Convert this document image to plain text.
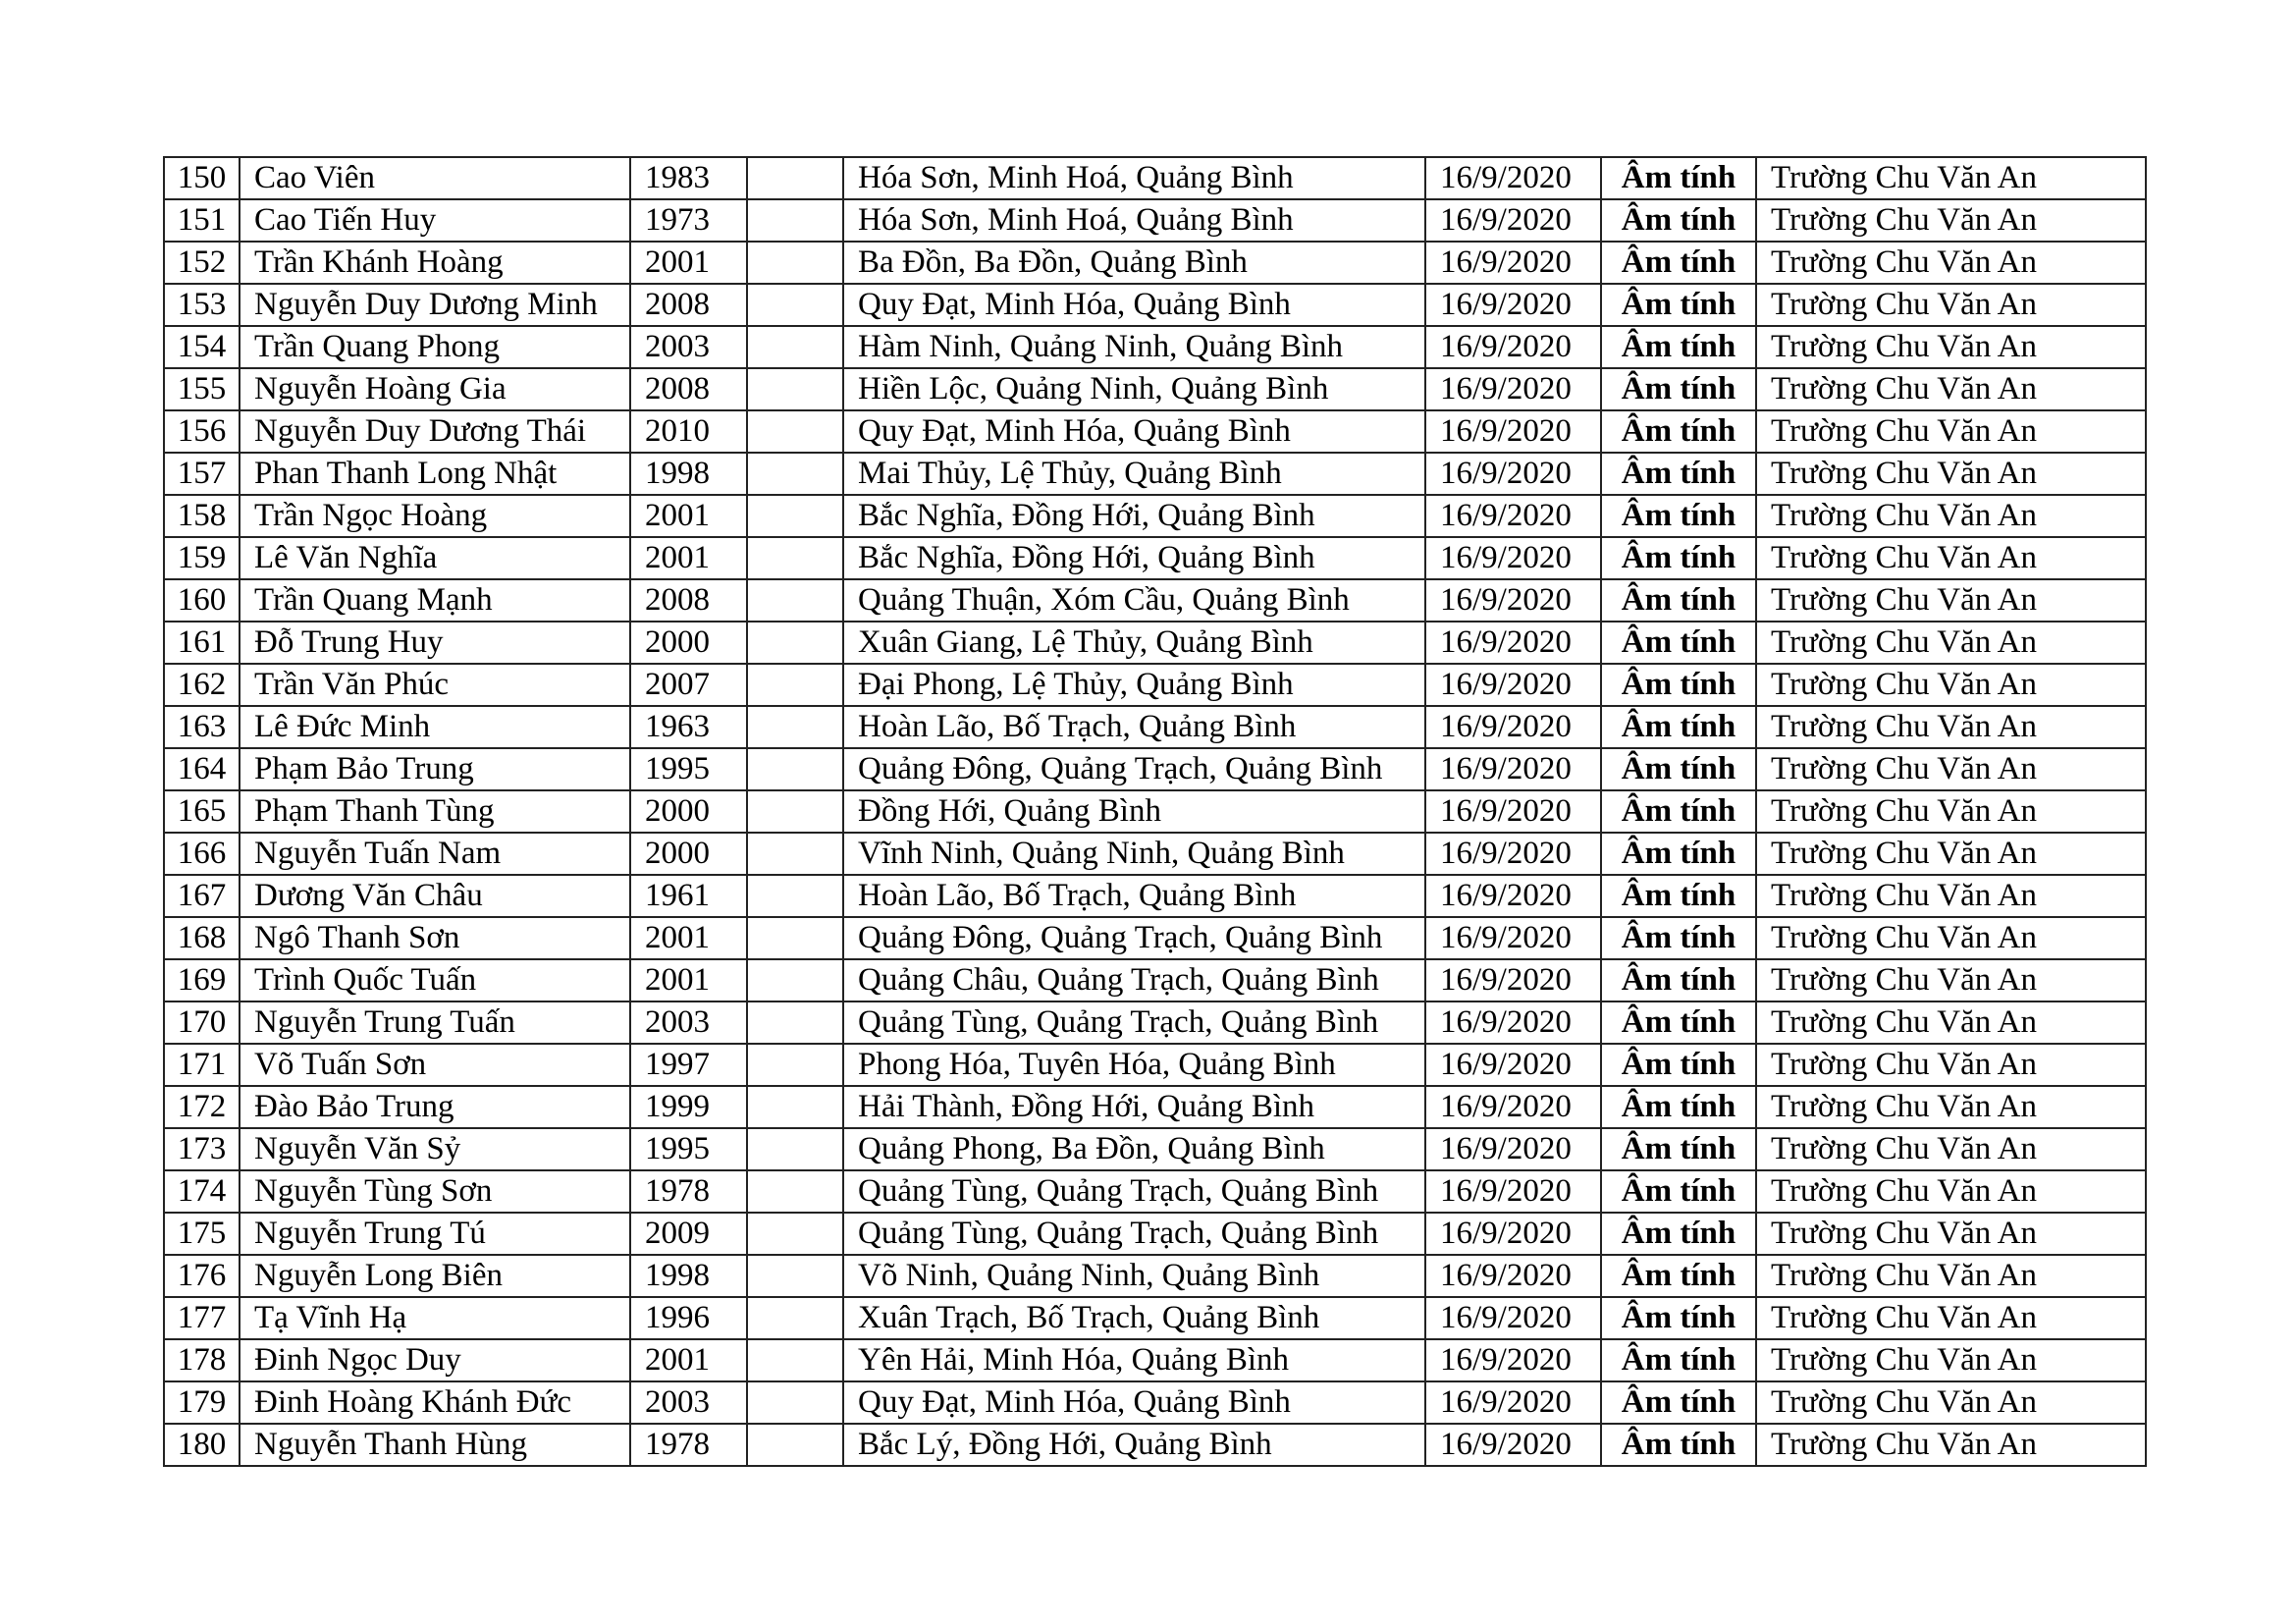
150	Cao Viên	1983		Hóa Sơn, Minh Hoá, Quảng Bình	16/9/2020	Âm tính	Trường Chu Văn An
151	Cao Tiến Huy	1973		Hóa Sơn, Minh Hoá, Quảng Bình	16/9/2020	Âm tính	Trường Chu Văn An
152	Trần Khánh Hoàng	2001		Ba Đồn, Ba Đồn, Quảng Bình	16/9/2020	Âm tính	Trường Chu Văn An
153	Nguyễn Duy Dương Minh	2008		Quy Đạt, Minh Hóa, Quảng Bình	16/9/2020	Âm tính	Trường Chu Văn An
154	Trần Quang Phong	2003		Hàm Ninh, Quảng Ninh, Quảng Bình	16/9/2020	Âm tính	Trường Chu Văn An
155	Nguyễn Hoàng Gia	2008		Hiền Lộc, Quảng Ninh, Quảng Bình	16/9/2020	Âm tính	Trường Chu Văn An
156	Nguyễn Duy Dương Thái	2010		Quy Đạt, Minh Hóa, Quảng Bình	16/9/2020	Âm tính	Trường Chu Văn An
157	Phan Thanh Long Nhật	1998		Mai Thủy, Lệ Thủy, Quảng Bình	16/9/2020	Âm tính	Trường Chu Văn An
158	Trần Ngọc Hoàng	2001		Bắc Nghĩa, Đồng Hới, Quảng Bình	16/9/2020	Âm tính	Trường Chu Văn An
159	Lê Văn Nghĩa	2001		Bắc Nghĩa, Đồng Hới, Quảng Bình	16/9/2020	Âm tính	Trường Chu Văn An
160	Trần Quang Mạnh	2008		Quảng Thuận, Xóm Cầu, Quảng Bình	16/9/2020	Âm tính	Trường Chu Văn An
161	Đỗ Trung Huy	2000		Xuân Giang, Lệ Thủy, Quảng Bình	16/9/2020	Âm tính	Trường Chu Văn An
162	Trần Văn Phúc	2007		Đại Phong, Lệ Thủy, Quảng Bình	16/9/2020	Âm tính	Trường Chu Văn An
163	Lê Đức Minh	1963		Hoàn Lão, Bố Trạch, Quảng Bình	16/9/2020	Âm tính	Trường Chu Văn An
164	Phạm Bảo Trung	1995		Quảng Đông, Quảng Trạch, Quảng Bình	16/9/2020	Âm tính	Trường Chu Văn An
165	Phạm Thanh Tùng	2000		Đồng Hới, Quảng Bình	16/9/2020	Âm tính	Trường Chu Văn An
166	Nguyễn Tuấn Nam	2000		Vĩnh Ninh, Quảng Ninh, Quảng Bình	16/9/2020	Âm tính	Trường Chu Văn An
167	Dương Văn Châu	1961		Hoàn Lão, Bố Trạch, Quảng Bình	16/9/2020	Âm tính	Trường Chu Văn An
168	Ngô Thanh Sơn	2001		Quảng Đông, Quảng Trạch, Quảng Bình	16/9/2020	Âm tính	Trường Chu Văn An
169	Trình Quốc Tuấn	2001		Quảng Châu, Quảng Trạch, Quảng Bình	16/9/2020	Âm tính	Trường Chu Văn An
170	Nguyễn Trung Tuấn	2003		Quảng Tùng, Quảng Trạch, Quảng Bình	16/9/2020	Âm tính	Trường Chu Văn An
171	Võ Tuấn Sơn	1997		Phong Hóa, Tuyên Hóa, Quảng Bình	16/9/2020	Âm tính	Trường Chu Văn An
172	Đào Bảo Trung	1999		Hải Thành, Đồng Hới, Quảng Bình	16/9/2020	Âm tính	Trường Chu Văn An
173	Nguyễn Văn Sỷ	1995		Quảng Phong, Ba Đồn, Quảng Bình	16/9/2020	Âm tính	Trường Chu Văn An
174	Nguyễn Tùng Sơn	1978		Quảng Tùng, Quảng Trạch, Quảng Bình	16/9/2020	Âm tính	Trường Chu Văn An
175	Nguyễn Trung Tú	2009		Quảng Tùng, Quảng Trạch, Quảng Bình	16/9/2020	Âm tính	Trường Chu Văn An
176	Nguyễn Long Biên	1998		Võ Ninh, Quảng Ninh, Quảng Bình	16/9/2020	Âm tính	Trường Chu Văn An
177	Tạ Vĩnh Hạ	1996		Xuân Trạch, Bố Trạch, Quảng Bình	16/9/2020	Âm tính	Trường Chu Văn An
178	Đinh Ngọc Duy	2001		Yên Hải, Minh Hóa, Quảng Bình	16/9/2020	Âm tính	Trường Chu Văn An
179	Đinh Hoàng Khánh Đức	2003		Quy Đạt, Minh Hóa, Quảng Bình	16/9/2020	Âm tính	Trường Chu Văn An
180	Nguyễn Thanh Hùng	1978		Bắc Lý, Đồng Hới, Quảng Bình	16/9/2020	Âm tính	Trường Chu Văn An
